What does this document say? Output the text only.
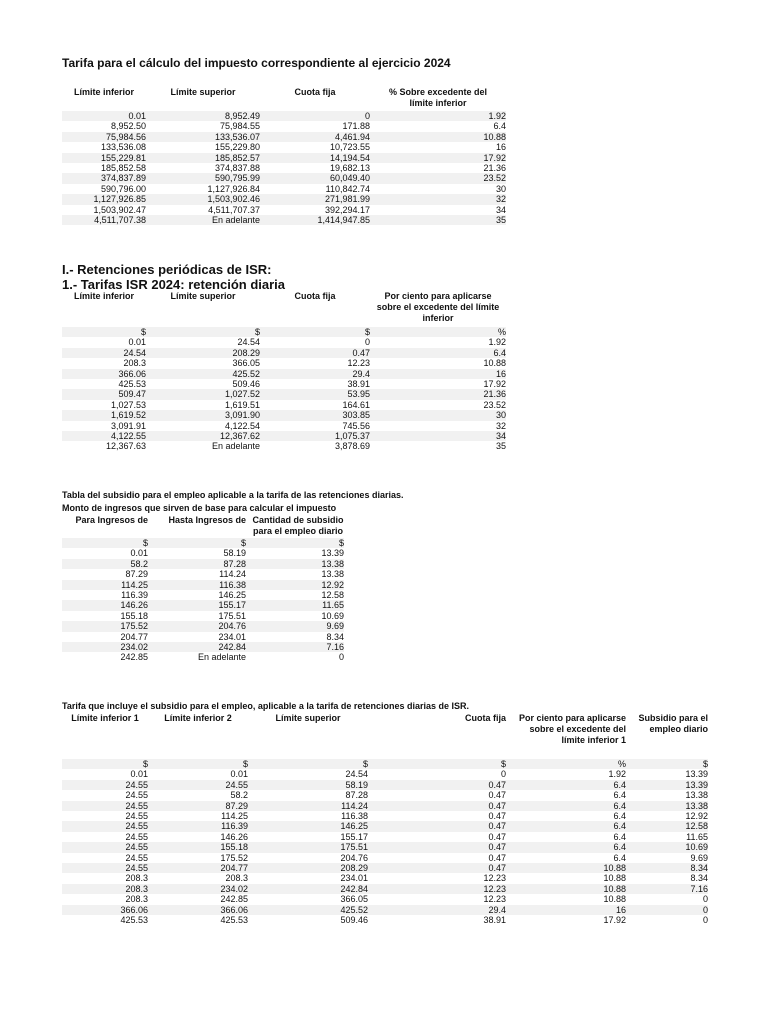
Tarifa para el cálculo del impuesto correspondiente al ejercicio 2024
Límite inferior	Límite superior	Cuota fija	% Sobre excedente del límite inferior
0.01	8,952.49	0	1.92
8,952.50	75,984.55	171.88	6.4
75,984.56	133,536.07	4,461.94	10.88
133,536.08	155,229.80	10,723.55	16
155,229.81	185,852.57	14,194.54	17.92
185,852.58	374,837.88	19,682.13	21.36
374,837.89	590,795.99	60,049.40	23.52
590,796.00	1,127,926.84	110,842.74	30
1,127,926.85	1,503,902.46	271,981.99	32
1,503,902.47	4,511,707.37	392,294.17	34
4,511,707.38	En adelante	1,414,947.85	35
I.- Retenciones periódicas de ISR:
1.- Tarifas ISR 2024: retención diaria
Límite inferior	Límite superior	Cuota fija	Por ciento para aplicarse sobre el excedente del límite inferior
$	$	$	%
0.01	24.54	0	1.92
24.54	208.29	0.47	6.4
208.3	366.05	12.23	10.88
366.06	425.52	29.4	16
425.53	509.46	38.91	17.92
509.47	1,027.52	53.95	21.36
1,027.53	1,619.51	164.61	23.52
1,619.52	3,091.90	303.85	30
3,091.91	4,122.54	745.56	32
4,122.55	12,367.62	1,075.37	34
12,367.63	En adelante	3,878.69	35
Tabla del subsidio para el empleo aplicable a la tarifa de las retenciones diarias.
Monto de ingresos que sirven de base para calcular el impuesto
Para Ingresos de	Hasta Ingresos de	Cantidad de subsidio para el empleo diario
$	$	$
0.01	58.19	13.39
58.2	87.28	13.38
87.29	114.24	13.38
114.25	116.38	12.92
116.39	146.25	12.58
146.26	155.17	11.65
155.18	175.51	10.69
175.52	204.76	9.69
204.77	234.01	8.34
234.02	242.84	7.16
242.85	En adelante	0
Tarifa que incluye el subsidio para el empleo, aplicable a la tarifa de retenciones diarias de ISR.
Límite inferior 1	Límite inferior 2	Límite superior	Cuota fija	Por ciento para aplicarse sobre el excedente del límite inferior 1	Subsidio para el empleo diario
$	$	$	$	%	$
0.01	0.01	24.54	0	1.92	13.39
24.55	24.55	58.19	0.47	6.4	13.39
24.55	58.2	87.28	0.47	6.4	13.38
24.55	87.29	114.24	0.47	6.4	13.38
24.55	114.25	116.38	0.47	6.4	12.92
24.55	116.39	146.25	0.47	6.4	12.58
24.55	146.26	155.17	0.47	6.4	11.65
24.55	155.18	175.51	0.47	6.4	10.69
24.55	175.52	204.76	0.47	6.4	9.69
24.55	204.77	208.29	0.47	10.88	8.34
208.3	208.3	234.01	12.23	10.88	8.34
208.3	234.02	242.84	12.23	10.88	7.16
208.3	242.85	366.05	12.23	10.88	0
366.06	366.06	425.52	29.4	16	0
425.53	425.53	509.46	38.91	17.92	0
